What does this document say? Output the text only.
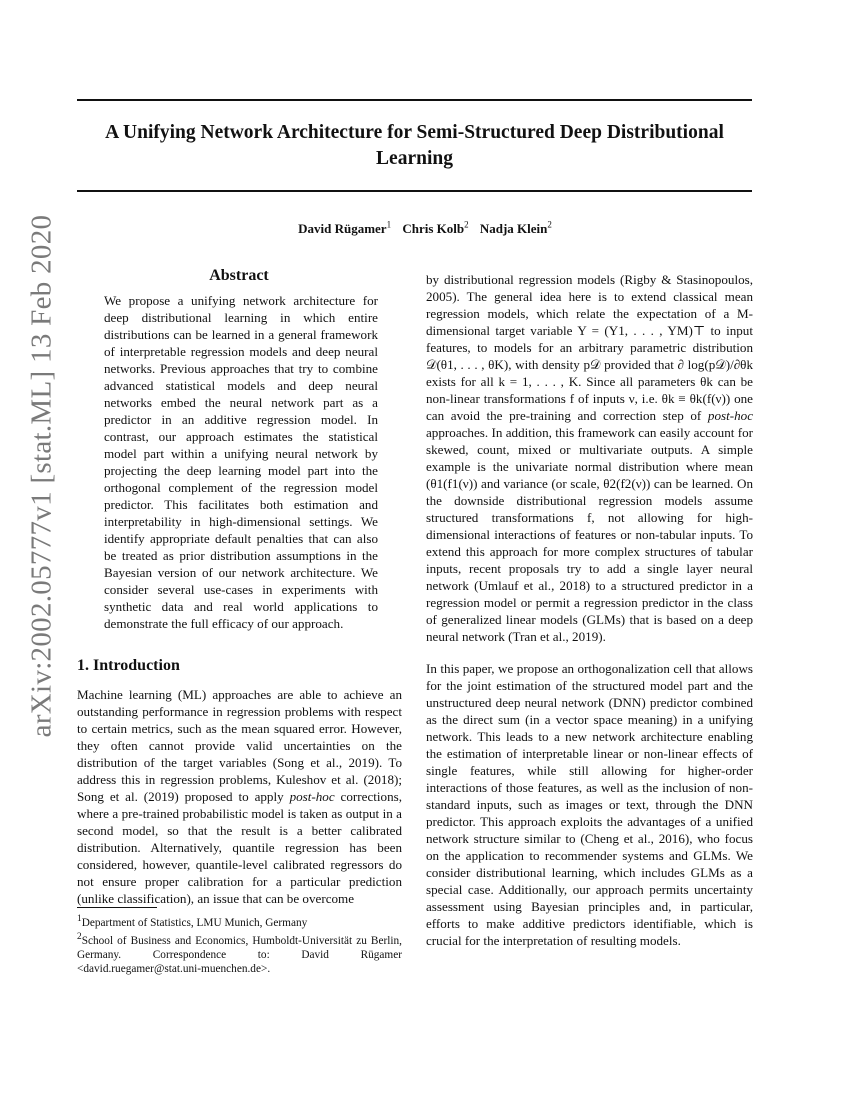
arXiv:2002.05777v1 [stat.ML] 13 Feb 2020
A Unifying Network Architecture for Semi-Structured Deep Distributional Learning
David Rügamer$^1$ Chris Kolb$^2$ Nadja Klein$^2$
Abstract

We propose a unifying network architecture for deep distributional learning in which entire distributions can be learned in a general framework of interpretable regression models and deep neural networks. Previous approaches that try to combine advanced statistical models and deep neural networks embed the neural network part as a predictor in an additive regression model. In contrast, our approach estimates the statistical model part within a unifying neural network by projecting the deep learning model part into the orthogonal complement of the regression model predictor. This facilitates both estimation and interpretability in high-dimensional settings. We identify appropriate default penalties that can also be treated as prior distribution assumptions in the Bayesian version of our network architecture. We consider several use-cases in experiments with synthetic data and real world applications to demonstrate the full efficacy of our approach.

1. Introduction

Machine learning (ML) approaches are able to achieve an outstanding performance in regression problems with respect to certain metrics, such as the mean squared error. However, they often cannot provide valid uncertainties on the distribution of the target variables (Song et al., 2019). To address this in regression problems, Kuleshov et al. (2018); Song et al. (2019) proposed to apply post-hoc corrections, where a pre-trained probabilistic model is taken as output in a second model, so that the result is a better calibrated distribution. Alternatively, quantile regression has been considered, however, quantile-level calibrated regressors do not ensure proper calibration for a particular prediction (unlike classification), an issue that can be overcome

$^1$Department of Statistics, LMU Munich, Germany

$^2$School of Business and Economics, Humboldt-Universität zu Berlin, Germany. Correspondence to: David Rügamer <david.ruegamer@stat.uni-muenchen.de>.

by distributional regression models (Rigby & Stasinopoulos, 2005). The general idea here is to extend classical mean regression models, which relate the expectation of a M-dimensional target variable Y = (Y1, . . . , YM)⊤ to input features, to models for an arbitrary parametric distribution 𝒟(θ1, . . . , θK), with density p𝒟 provided that ∂ log(p𝒟)/∂θk exists for all k = 1, . . . , K. Since all parameters θk can be non-linear transformations f of inputs ν, i.e. θk ≡ θk(f(ν)) one can avoid the pre-training and correction step of post-hoc approaches. In addition, this framework can easily account for skewed, count, mixed or multivariate outputs. A simple example is the univariate normal distribution where mean (θ1(f1(ν)) and variance (or scale, θ2(f2(ν)) can be learned. On the downside distributional regression models assume structured transformations f, not allowing for high-dimensional interactions of features or non-tabular inputs. To extend this approach for more complex structures of tabular inputs, recent proposals try to add a single layer neural network (Umlauf et al., 2018) to a structured predictor in a regression model or permit a regression predictor in the class of generalized linear models (GLMs) that is based on a deep neural network (Tran et al., 2019).

In this paper, we propose an orthogonalization cell that allows for the joint estimation of the structured model part and the unstructured deep neural network (DNN) predictor combined as the direct sum (in a vector space meaning) in a unifying network. This leads to a new network architecture enabling the estimation of interpretable linear or non-linear effects of single features, while still allowing for higher-order interactions of those features, as well as the inclusion of non-standard inputs, such as images or text, through the DNN predictor. This approach exploits the advantages of a unified network structure similar to (Cheng et al., 2016), who focus on the application to recommender systems and GLMs. We consider distributional learning, which includes GLMs as a special case. Additionally, our approach permits uncertainty assessment using Bayesian principles and, in particular, efforts to make additive predictors identifiable, which is crucial for the interpretation of resulting models.
